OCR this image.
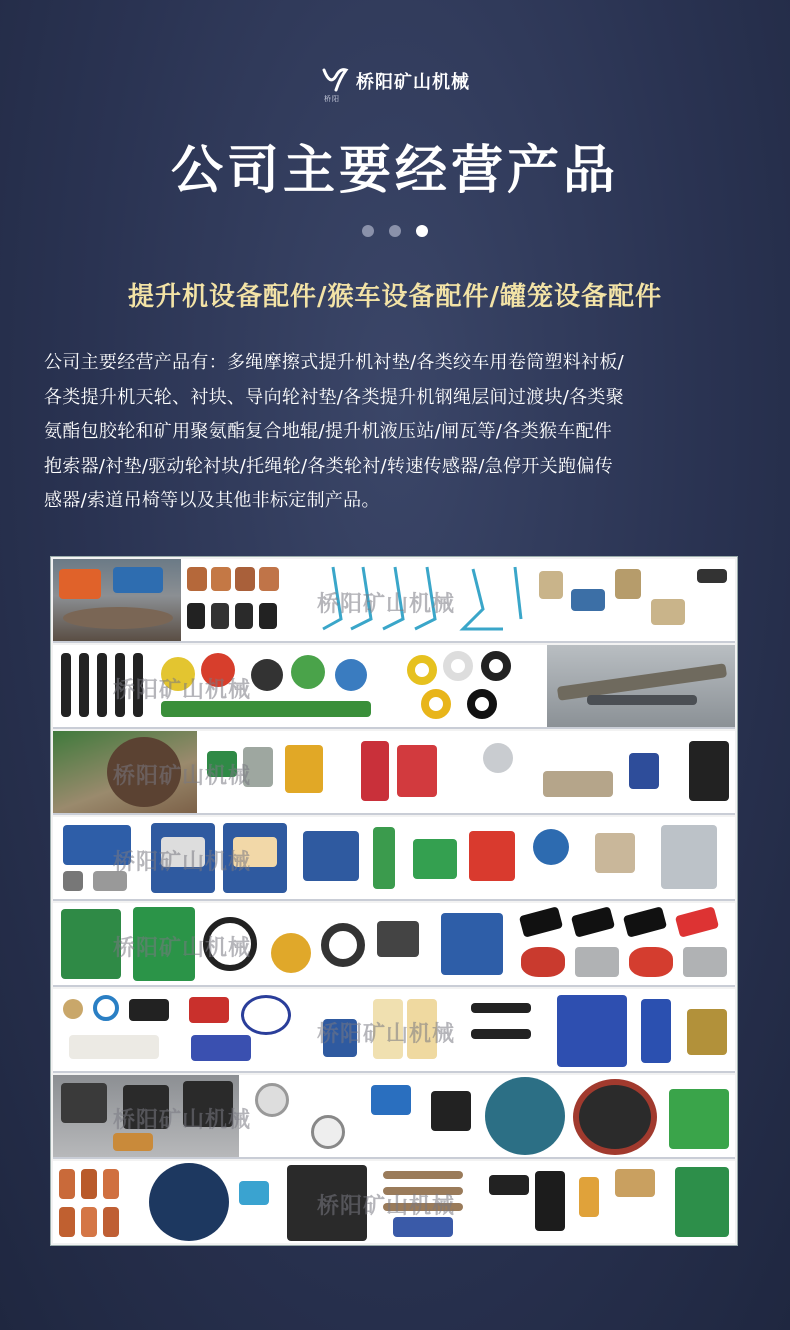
桥阳
桥阳矿山机械
公司主要经营产品

提升机设备配件/猴车设备配件/罐笼设备配件
公司主要经营产品有：多绳摩擦式提升机衬垫/各类绞车用卷筒塑料衬板/
各类提升机天轮、衬块、导向轮衬垫/各类提升机钢绳层间过渡块/各类聚
氨酯包胶轮和矿用聚氨酯复合地辊/提升机液压站/闸瓦等/各类猴车配件
抱索器/衬垫/驱动轮衬块/托绳轮/各类轮衬/转速传感器/急停开关跑偏传
感器/索道吊椅等以及其他非标定制产品。
桥阳矿山机械
桥阳矿山机械
桥阳矿山机械
桥阳矿山机械
桥阳矿山机械
桥阳矿山机械
桥阳矿山机械
桥阳矿山机械
